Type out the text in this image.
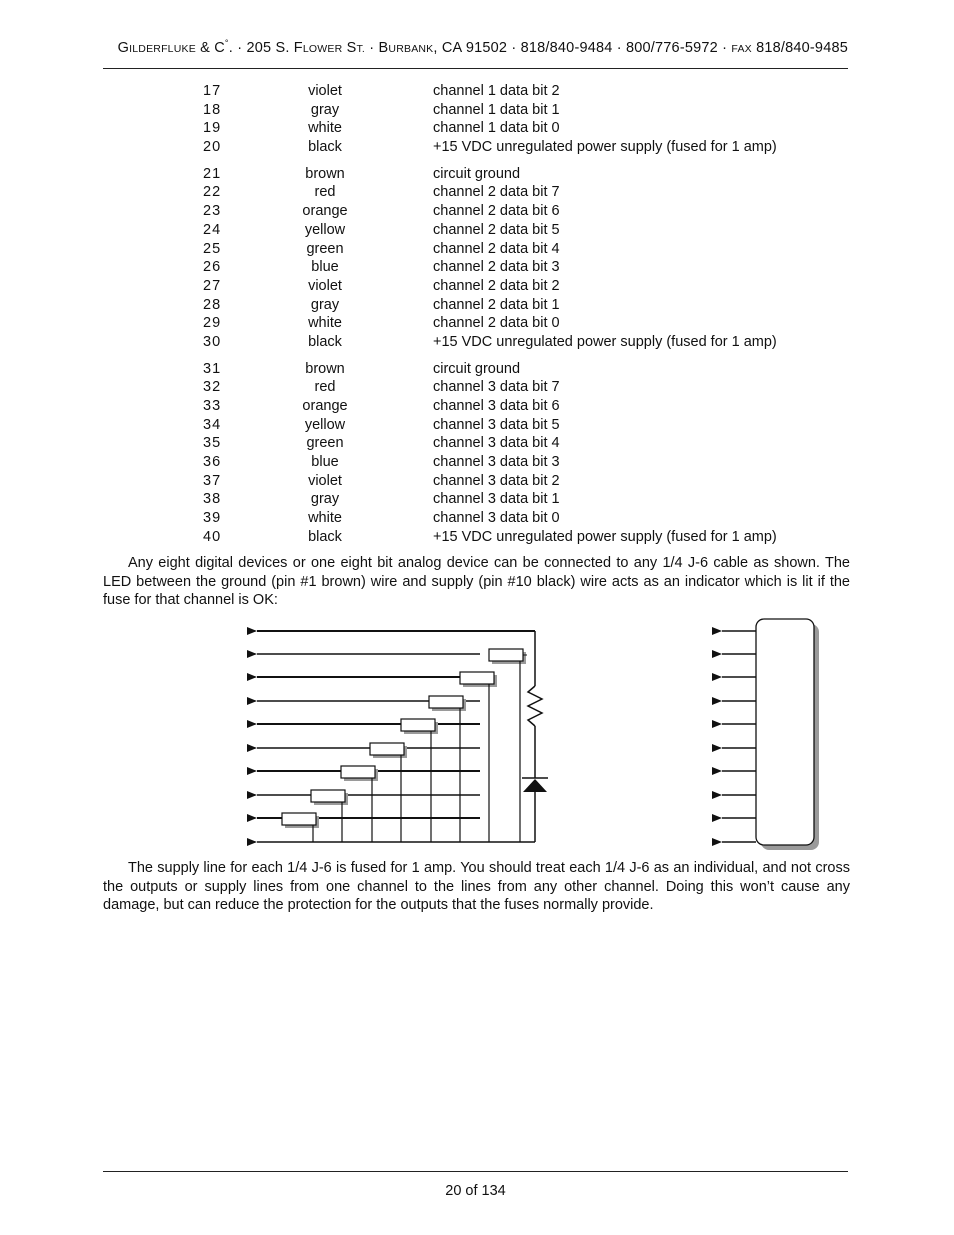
GILDERFLUKE & C°. · 205 S. FLOWER ST. · BURBANK, CA 91502 · 818/840-9484 · 800/776-5972 · FAX 818/840-9485
17	violet	channel 1 data bit 2
18	gray	channel 1 data bit 1
19	white	channel 1 data bit 0
20	black	+15 VDC unregulated power supply (fused for 1 amp)
21	brown	circuit ground
22	red	channel 2 data bit 7
23	orange	channel 2 data bit 6
24	yellow	channel 2 data bit 5
25	green	channel 2 data bit 4
26	blue	channel 2 data bit 3
27	violet	channel 2 data bit 2
28	gray	channel 2 data bit 1
29	white	channel 2 data bit 0
30	black	+15 VDC unregulated power supply (fused for 1 amp)
31	brown	circuit ground
32	red	channel 3 data bit 7
33	orange	channel 3 data bit 6
34	yellow	channel 3 data bit 5
35	green	channel 3 data bit 4
36	blue	channel 3 data bit 3
37	violet	channel 3 data bit 2
38	gray	channel 3 data bit 1
39	white	channel 3 data bit 0
40	black	+15 VDC unregulated power supply (fused for 1 amp)

Any eight digital devices or one eight bit analog device can be connected to any 1/4 J-6 cable as shown. The LED between the ground (pin #1 brown) wire and supply (pin #10 black) wire acts as an indicator which is lit if the fuse for that channel is OK:

The supply line for each 1/4 J-6 is fused for 1 amp. You should treat each 1/4 J-6 as an individual, and not cross the outputs or supply lines from one channel to the lines from any other channel. Doing this won’t cause any damage, but can reduce the protection for the outputs that the fuses normally provide.

20 of 134
